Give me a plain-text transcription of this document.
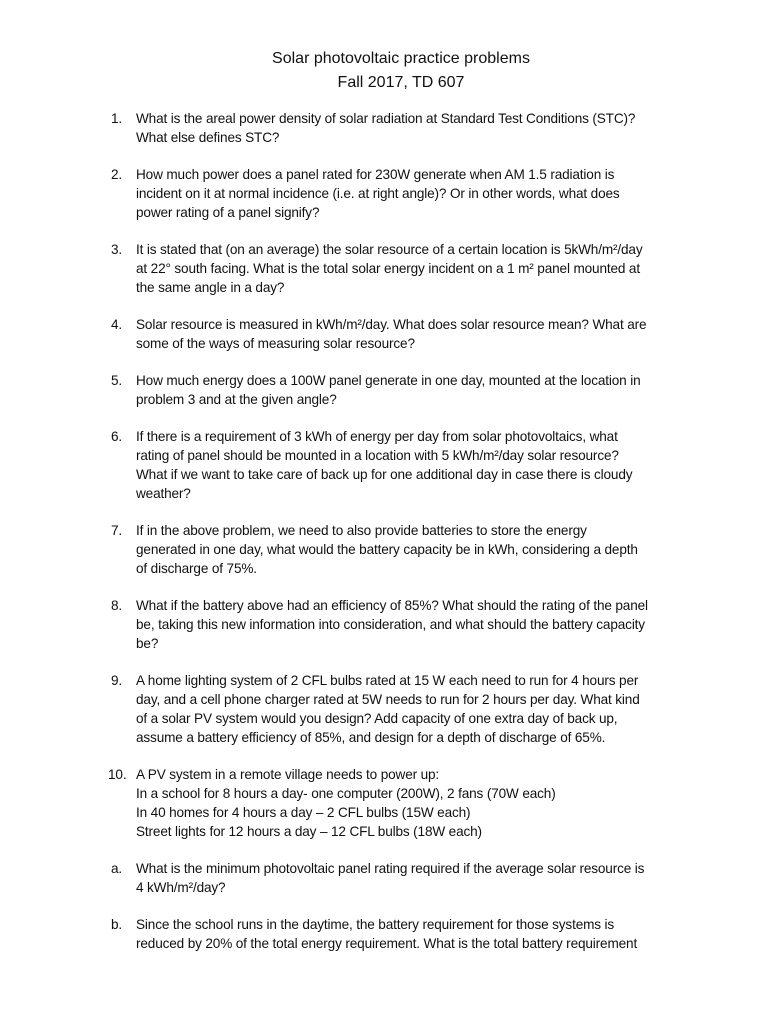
Solar photovoltaic practice problems
Fall 2017, TD 607
1. What is the areal power density of solar radiation at Standard Test Conditions (STC)?
What else defines STC?
2. How much power does a panel rated for 230W generate when AM 1.5 radiation is
incident on it at normal incidence (i.e. at right angle)? Or in other words, what does
power rating of a panel signify?
3. It is stated that (on an average) the solar resource of a certain location is 5kWh/m²/day
at 22° south facing. What is the total solar energy incident on a 1 m² panel mounted at
the same angle in a day?
4. Solar resource is measured in kWh/m²/day. What does solar resource mean? What are
some of the ways of measuring solar resource?
5. How much energy does a 100W panel generate in one day, mounted at the location in
problem 3 and at the given angle?
6. If there is a requirement of 3 kWh of energy per day from solar photovoltaics, what
rating of panel should be mounted in a location with 5 kWh/m²/day solar resource?
What if we want to take care of back up for one additional day in case there is cloudy
weather?
7. If in the above problem, we need to also provide batteries to store the energy
generated in one day, what would the battery capacity be in kWh, considering a depth
of discharge of 75%.
8. What if the battery above had an efficiency of 85%? What should the rating of the panel
be, taking this new information into consideration, and what should the battery capacity
be?
9. A home lighting system of 2 CFL bulbs rated at 15 W each need to run for 4 hours per
day, and a cell phone charger rated at 5W needs to run for 2 hours per day. What kind
of a solar PV system would you design? Add capacity of one extra day of back up,
assume a battery efficiency of 85%, and design for a depth of discharge of 65%.
10. A PV system in a remote village needs to power up:
In a school for 8 hours a day- one computer (200W), 2 fans (70W each)
In 40 homes for 4 hours a day – 2 CFL bulbs (15W each)
Street lights for 12 hours a day – 12 CFL bulbs (18W each)
a. What is the minimum photovoltaic panel rating required if the average solar resource is
4 kWh/m²/day?
b. Since the school runs in the daytime, the battery requirement for those systems is
reduced by 20% of the total energy requirement. What is the total battery requirement
